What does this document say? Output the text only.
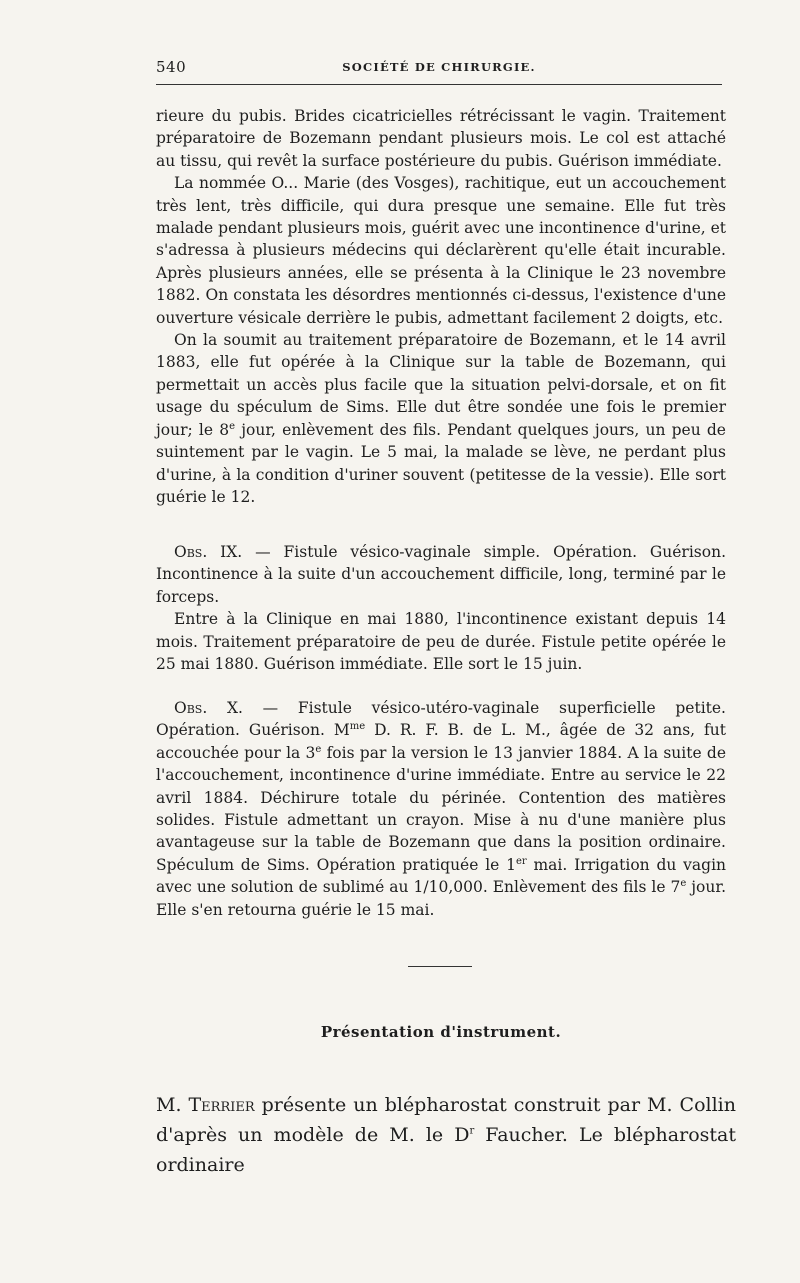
540	SOCIÉTÉ DE CHIRURGIE.

rieure du pubis. Brides cicatricielles rétrécissant le vagin. Traitement préparatoire de Bozemann pendant plusieurs mois. Le col est attaché au tissu, qui revêt la surface postérieure du pubis. Guérison immédiate.

La nommée O... Marie (des Vosges), rachitique, eut un accouchement très lent, très difficile, qui dura presque une semaine. Elle fut très malade pendant plusieurs mois, guérit avec une incontinence d'urine, et s'adressa à plusieurs médecins qui déclarèrent qu'elle était incurable. Après plusieurs années, elle se présenta à la Clinique le 23 novembre 1882. On constata les désordres mentionnés ci-dessus, l'existence d'une ouverture vésicale derrière le pubis, admettant facilement 2 doigts, etc.

On la soumit au traitement préparatoire de Bozemann, et le 14 avril 1883, elle fut opérée à la Clinique sur la table de Bozemann, qui permettait un accès plus facile que la situation pelvi-dorsale, et on fit usage du spéculum de Sims. Elle dut être sondée une fois le premier jour; le 8e jour, enlèvement des fils. Pendant quelques jours, un peu de suintement par le vagin. Le 5 mai, la malade se lève, ne perdant plus d'urine, à la condition d'uriner souvent (petitesse de la vessie). Elle sort guérie le 12.

Obs. IX. — Fistule vésico-vaginale simple. Opération. Guérison. Incontinence à la suite d'un accouchement difficile, long, terminé par le forceps.

Entre à la Clinique en mai 1880, l'incontinence existant depuis 14 mois. Traitement préparatoire de peu de durée. Fistule petite opérée le 25 mai 1880. Guérison immédiate. Elle sort le 15 juin.

Obs. X. — Fistule vésico-utéro-vaginale superficielle petite. Opération. Guérison. $M^{me}$ D. R. F. B. de L. M., âgée de 32 ans, fut accouchée pour la 3e fois par la version le 13 janvier 1884. A la suite de l'accouchement, incontinence d'urine immédiate. Entre au service le 22 avril 1884. Déchirure totale du périnée. Contention des matières solides. Fistule admettant un crayon. Mise à nu d'une manière plus avantageuse sur la table de Bozemann que dans la position ordinaire. Spéculum de Sims. Opération pratiquée le 1er mai. Irrigation du vagin avec une solution de sublimé au 1/10,000. Enlèvement des fils le 7e jour. Elle s'en retourna guérie le 15 mai.

Présentation d'instrument.
M. Terrier présente un blépharostat construit par M. Collin d'après un modèle de M. le $D^r$ Faucher. Le blépharostat ordinaire
